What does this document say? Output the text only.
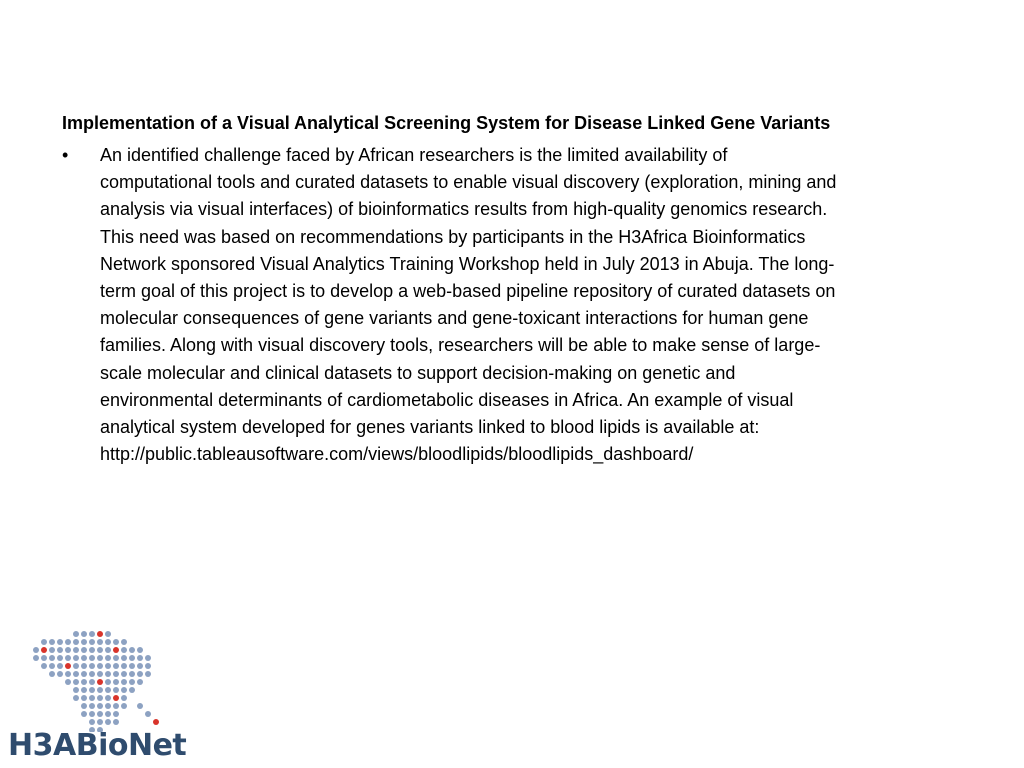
Implementation of a Visual Analytical Screening System for Disease Linked Gene Variants
• An identified challenge faced by African researchers is the limited availability of
computational tools and curated datasets to enable visual discovery (exploration, mining and
analysis via visual interfaces) of bioinformatics results from high-quality genomics research.
This need was based on recommendations by participants in the H3Africa Bioinformatics
Network sponsored Visual Analytics Training Workshop held in July 2013 in Abuja. The long-
term goal of this project is to develop a web-based pipeline repository of curated datasets on
molecular consequences of gene variants and gene-toxicant interactions for human gene
families. Along with visual discovery tools, researchers will be able to make sense of large-
scale molecular and clinical datasets to support decision-making on genetic and
environmental determinants of cardiometabolic diseases in Africa. An example of visual
analytical system developed for genes variants linked to blood lipids is available at:
http://public.tableausoftware.com/views/bloodlipids/bloodlipids_dashboard/
H3ABioNet
